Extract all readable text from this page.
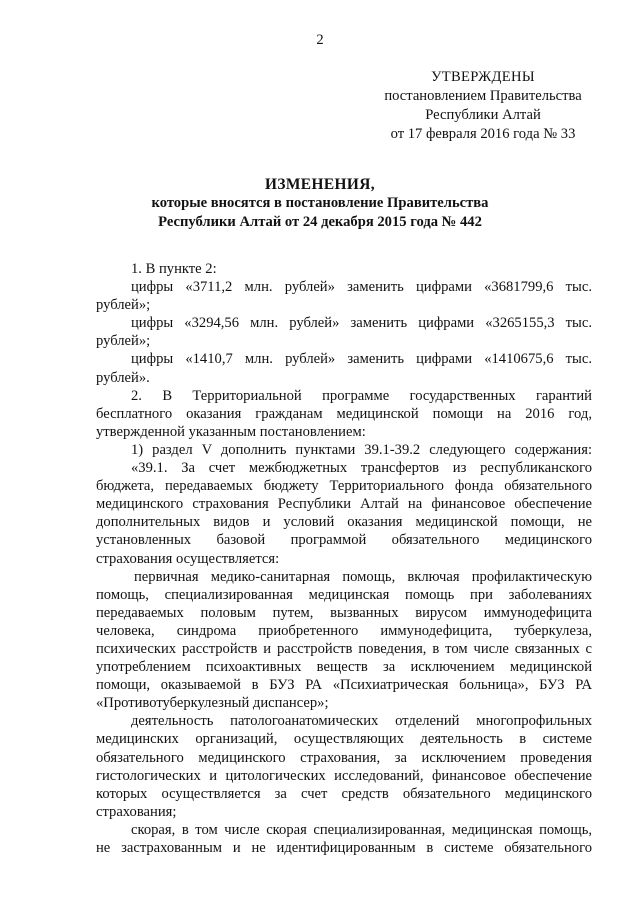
2
УТВЕРЖДЕНЫ
постановлением Правительства
Республики Алтай
от 17 февраля 2016 года № 33
ИЗМЕНЕНИЯ,
которые вносятся в постановление Правительства
Республики Алтай от 24 декабря 2015 года № 442
1. В пункте 2:
цифры «3711,2 млн. рублей» заменить цифрами «3681799,6 тыс.
рублей»;
цифры «3294,56 млн. рублей» заменить цифрами «3265155,3 тыс.
рублей»;
цифры «1410,7 млн. рублей» заменить цифрами «1410675,6 тыс.
рублей».
2. В Территориальной программе государственных гарантий
бесплатного оказания гражданам медицинской помощи на 2016 год,
утвержденной указанным постановлением:
1) раздел V дополнить пунктами 39.1-39.2 следующего содержания:
«39.1. За счет межбюджетных трансфертов из республиканского
бюджета, передаваемых бюджету Территориального фонда обязательного
медицинского страхования Республики Алтай на финансовое обеспечение
дополнительных видов и условий оказания медицинской помощи, не
установленных базовой программой обязательного медицинского
страхования осуществляется:
первичная медико-санитарная помощь, включая профилактическую
помощь, специализированная медицинская помощь при заболеваниях
передаваемых половым путем, вызванных вирусом иммунодефицита
человека, синдрома приобретенного иммунодефицита, туберкулеза,
психических расстройств и расстройств поведения, в том числе связанных с
употреблением психоактивных веществ за исключением медицинской
помощи, оказываемой в БУЗ РА «Психиатрическая больница», БУЗ РА
«Противотуберкулезный диспансер»;
деятельность патологоанатомических отделений многопрофильных
медицинских организаций, осуществляющих деятельность в системе
обязательного медицинского страхования, за исключением проведения
гистологических и цитологических исследований, финансовое обеспечение
которых осуществляется за счет средств обязательного медицинского
страхования;
скорая, в том числе скорая специализированная, медицинская помощь,
не застрахованным и не идентифицированным в системе обязательного
